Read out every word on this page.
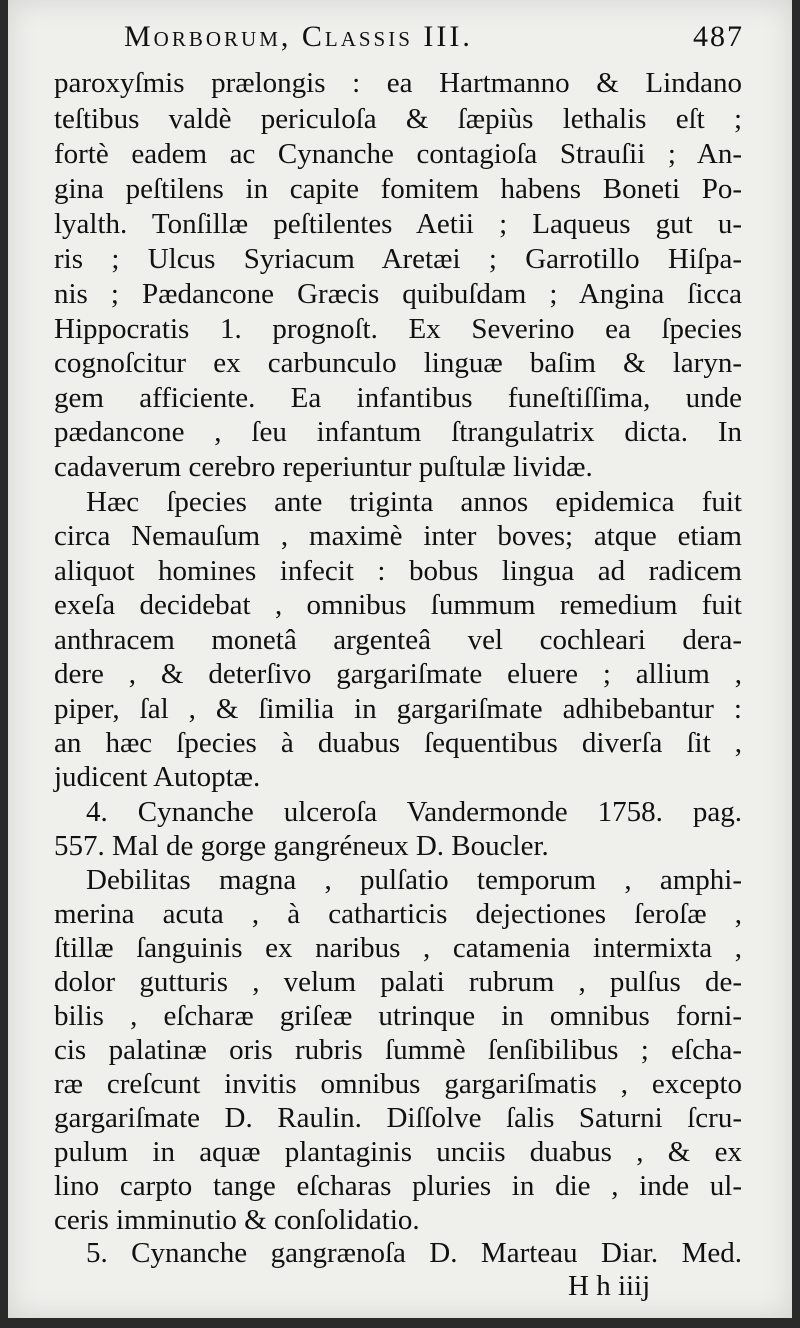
Morborum, Classis III.	487
paroxyſmis prælongis : ea Hartmanno & Lindano
teſtibus valdè periculoſa & ſæpiùs lethalis eſt ;
fortè eadem ac Cynanche contagioſa Strauſii ; An-
gina peſtilens in capite fomitem habens Boneti Po-
lyalth. Tonſillæ peſtilentes Aetii ; Laqueus gut u-
ris ; Ulcus Syriacum Aretæi ; Garrotillo Hiſpa-
nis ; Pædancone Græcis quibuſdam ; Angina ſicca
Hippocratis 1. prognoſt. Ex Severino ea ſpecies
cognoſcitur ex carbunculo linguæ baſim & laryn-
gem afficiente. Ea infantibus funeſtiſſima, unde
pædancone , ſeu infantum ſtrangulatrix dicta. In
cadaverum cerebro reperiuntur puſtulæ lividæ.
Hæc ſpecies ante triginta annos epidemica fuit
circa Nemauſum , maximè inter boves; atque etiam
aliquot homines infecit : bobus lingua ad radicem
exeſa decidebat , omnibus ſummum remedium fuit
anthracem monetâ argenteâ vel cochleari dera-
dere , & deterſivo gargariſmate eluere ; allium ,
piper, ſal , & ſimilia in gargariſmate adhibebantur :
an hæc ſpecies à duabus ſequentibus diverſa ſit ,
judicent Autoptæ.
4. Cynanche ulceroſa Vandermonde 1758. pag.
557. Mal de gorge gangréneux D. Boucler.
Debilitas magna , pulſatio temporum , amphi-
merina acuta , à catharticis dejectiones ſeroſæ ,
ſtillæ ſanguinis ex naribus , catamenia intermixta ,
dolor gutturis , velum palati rubrum , pulſus de-
bilis , eſcharæ griſeæ utrinque in omnibus forni-
cis palatinæ oris rubris ſummè ſenſibilibus ; eſcha-
ræ creſcunt invitis omnibus gargariſmatis , excepto
gargariſmate D. Raulin. Diſſolve ſalis Saturni ſcru-
pulum in aquæ plantaginis unciis duabus , & ex
lino carpto tange eſcharas pluries in die , inde ul-
ceris imminutio & conſolidatio.
5. Cynanche gangrænoſa D. Marteau Diar. Med.
H h iiij
